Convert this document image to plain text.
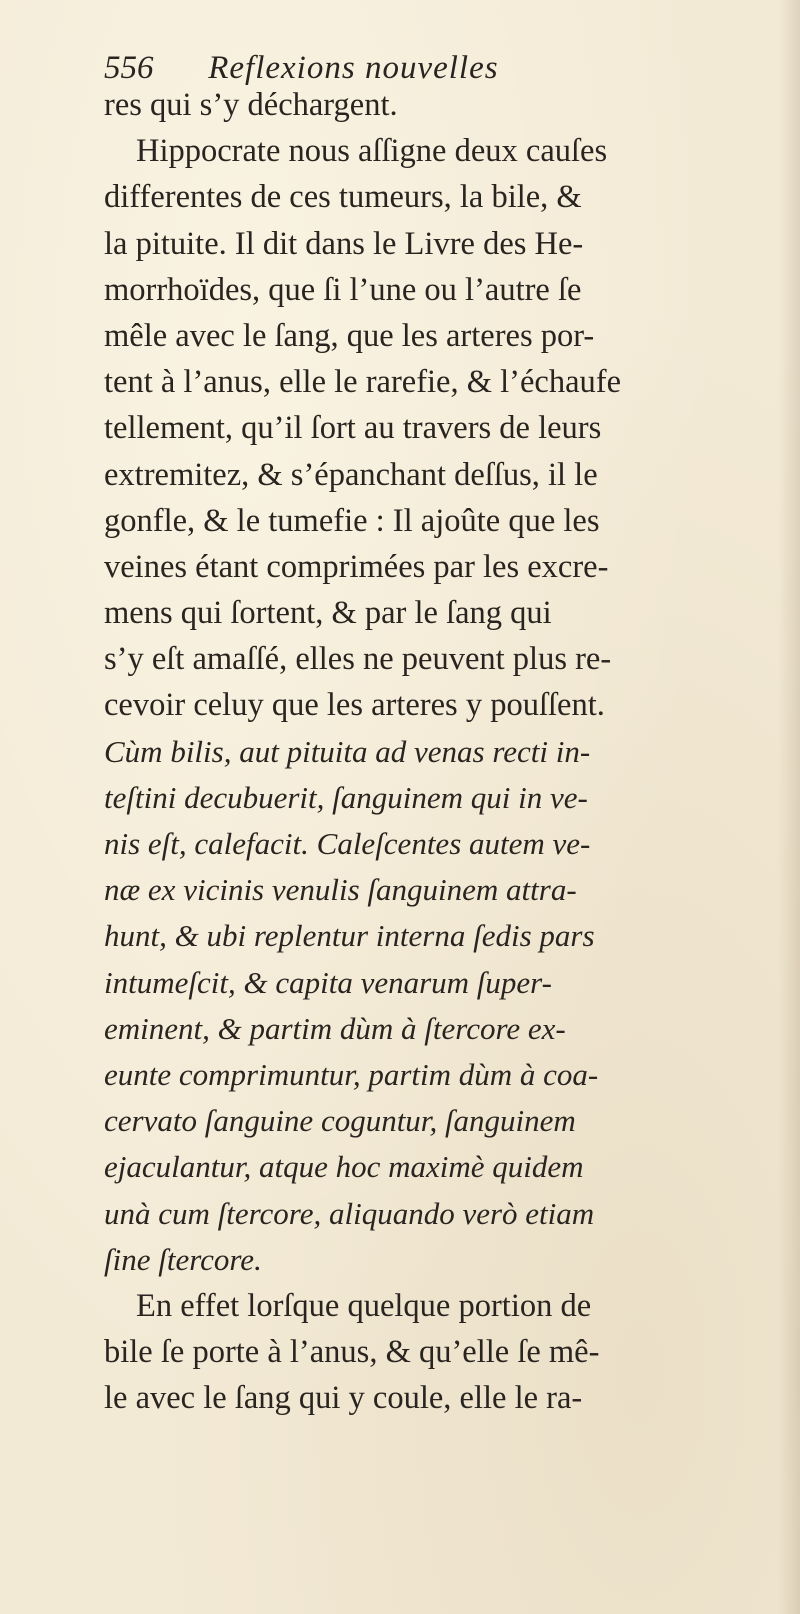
556 Reflexions nouvelles
res qui s’y déchargent.
Hippocrate nous aſſigne deux cauſes
differentes de ces tumeurs, la bile, &
la pituite. Il dit dans le Livre des He-
morrhoïdes, que ſi l’une ou l’autre ſe
mêle avec le ſang, que les arteres por-
tent à l’anus, elle le rarefie, & l’échaufe
tellement, qu’il ſort au travers de leurs
extremitez, & s’épanchant deſſus, il le
gonfle, & le tumefie : Il ajoûte que les
veines étant comprimées par les excre-
mens qui ſortent, & par le ſang qui
s’y eſt amaſſé, elles ne peuvent plus re-
cevoir celuy que les arteres y pouſſent.
Cùm bilis, aut pituita ad venas recti in-
teſtini decubuerit, ſanguinem qui in ve-
nis eſt, calefacit. Caleſcentes autem ve-
næ ex vicinis venulis ſanguinem attra-
hunt, & ubi replentur interna ſedis pars
intumeſcit, & capita venarum ſuper-
eminent, & partim dùm à ſtercore ex-
eunte comprimuntur, partim dùm à coa-
cervato ſanguine coguntur, ſanguinem
ejaculantur, atque hoc maximè quidem
unà cum ſtercore, aliquando verò etiam
ſine ſtercore.
En effet lorſque quelque portion de
bile ſe porte à l’anus, & qu’elle ſe mê-
le avec le ſang qui y coule, elle le ra-
